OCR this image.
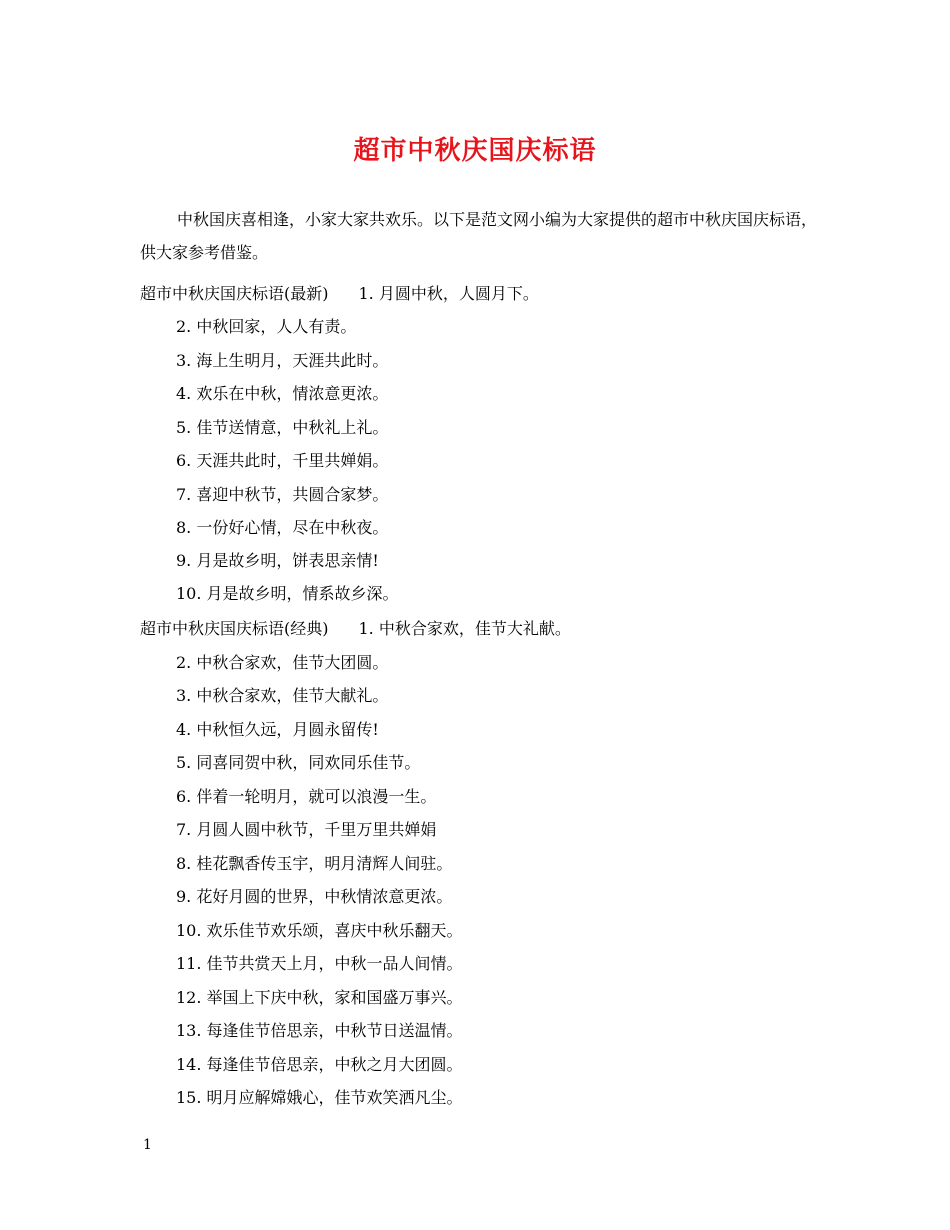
超市中秋庆国庆标语
中秋国庆喜相逢，小家大家共欢乐。以下是范文网小编为大家提供的超市中秋庆国庆标语，供大家参考借鉴。
超市中秋庆国庆标语(最新) 1. 月圆中秋，人圆月下。
2. 中秋回家，人人有责。
3. 海上生明月，天涯共此时。
4. 欢乐在中秋，情浓意更浓。
5. 佳节送情意，中秋礼上礼。
6. 天涯共此时，千里共婵娟。
7. 喜迎中秋节，共圆合家梦。
8. 一份好心情，尽在中秋夜。
9. 月是故乡明，饼表思亲情!
10. 月是故乡明，情系故乡深。
超市中秋庆国庆标语(经典) 1. 中秋合家欢，佳节大礼献。
2. 中秋合家欢，佳节大团圆。
3. 中秋合家欢，佳节大献礼。
4. 中秋恒久远，月圆永留传!
5. 同喜同贺中秋，同欢同乐佳节。
6. 伴着一轮明月，就可以浪漫一生。
7. 月圆人圆中秋节，千里万里共婵娟
8. 桂花飘香传玉宇，明月清辉人间驻。
9. 花好月圆的世界，中秋情浓意更浓。
10. 欢乐佳节欢乐颂，喜庆中秋乐翻天。
11. 佳节共赏天上月，中秋一品人间情。
12. 举国上下庆中秋，家和国盛万事兴。
13. 每逢佳节倍思亲，中秋节日送温情。
14. 每逢佳节倍思亲，中秋之月大团圆。
15. 明月应解嫦娥心，佳节欢笑洒凡尘。
1
